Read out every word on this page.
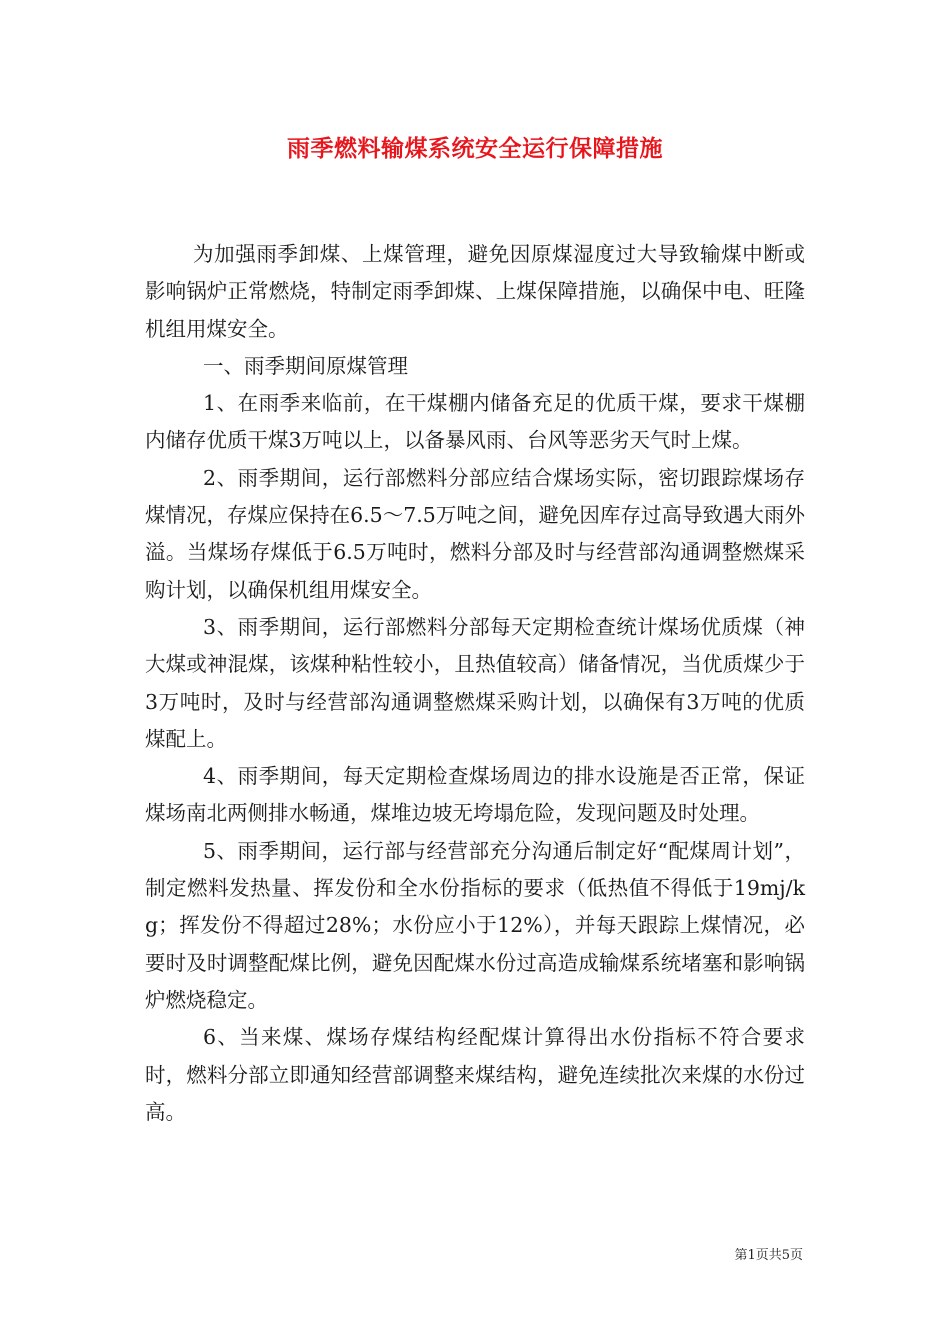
雨季燃料输煤系统安全运行保障措施

为加强雨季卸煤、上煤管理，避免因原煤湿度过大导致输煤中断或影响锅炉正常燃烧，特制定雨季卸煤、上煤保障措施，以确保中电、旺隆机组用煤安全。

一、雨季期间原煤管理

1、在雨季来临前，在干煤棚内储备充足的优质干煤，要求干煤棚内储存优质干煤3万吨以上，以备暴风雨、台风等恶劣天气时上煤。

2、雨季期间，运行部燃料分部应结合煤场实际，密切跟踪煤场存煤情况，存煤应保持在6.5～7.5万吨之间，避免因库存过高导致遇大雨外溢。当煤场存煤低于6.5万吨时，燃料分部及时与经营部沟通调整燃煤采购计划，以确保机组用煤安全。

3、雨季期间，运行部燃料分部每天定期检查统计煤场优质煤（神大煤或神混煤，该煤种粘性较小，且热值较高）储备情况，当优质煤少于3万吨时，及时与经营部沟通调整燃煤采购计划，以确保有3万吨的优质煤配上。

4、雨季期间，每天定期检查煤场周边的排水设施是否正常，保证煤场南北两侧排水畅通，煤堆边坡无垮塌危险，发现问题及时处理。

5、雨季期间，运行部与经营部充分沟通后制定好“配煤周计划”，制定燃料发热量、挥发份和全水份指标的要求（低热值不得低于19mj/kg；挥发份不得超过28%；水份应小于12%），并每天跟踪上煤情况，必要时及时调整配煤比例，避免因配煤水份过高造成输煤系统堵塞和影响锅炉燃烧稳定。

6、当来煤、煤场存煤结构经配煤计算得出水份指标不符合要求时，燃料分部立即通知经营部调整来煤结构，避免连续批次来煤的水份过高。

第1页共5页
